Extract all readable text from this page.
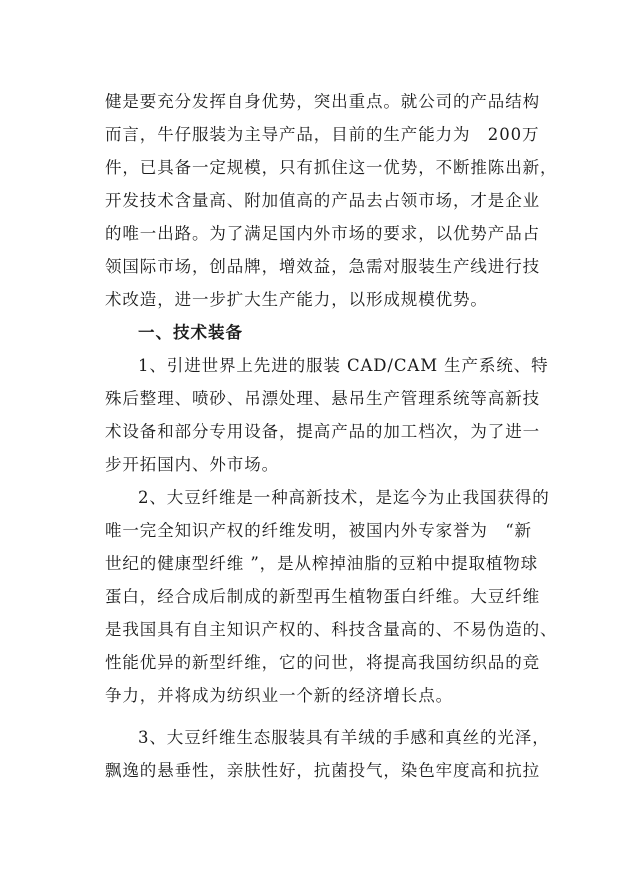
健是要充分发挥自身优势，突出重点。就公司的产品结构
而言，牛仔服装为主导产品，目前的生产能力为　200万
件，已具备一定规模，只有抓住这一优势，不断推陈出新，
开发技术含量高、附加值高的产品去占领市场，才是企业
的唯一出路。为了满足国内外市场的要求，以优势产品占
领国际市场，创品牌，增效益，急需对服装生产线进行技
术改造，进一步扩大生产能力，以形成规模优势。
一、技术装备
1、引进世界上先进的服装 CAD/CAM 生产系统、特
殊后整理、喷砂、吊漂处理、悬吊生产管理系统等高新技
术设备和部分专用设备，提高产品的加工档次，为了进一
步开拓国内、外市场。
2、大豆纤维是一种高新技术，是迄今为止我国获得的
唯一完全知识产权的纤维发明，被国内外专家誉为　“新
世纪的健康型纤维 ”，是从榨掉油脂的豆粕中提取植物球
蛋白，经合成后制成的新型再生植物蛋白纤维。大豆纤维
是我国具有自主知识产权的、科技含量高的、不易伪造的、
性能优异的新型纤维，它的问世，将提高我国纺织品的竞
争力，并将成为纺织业一个新的经济增长点。
3、大豆纤维生态服装具有羊绒的手感和真丝的光泽，
飘逸的悬垂性，亲肤性好，抗菌投气，染色牢度高和抗拉
